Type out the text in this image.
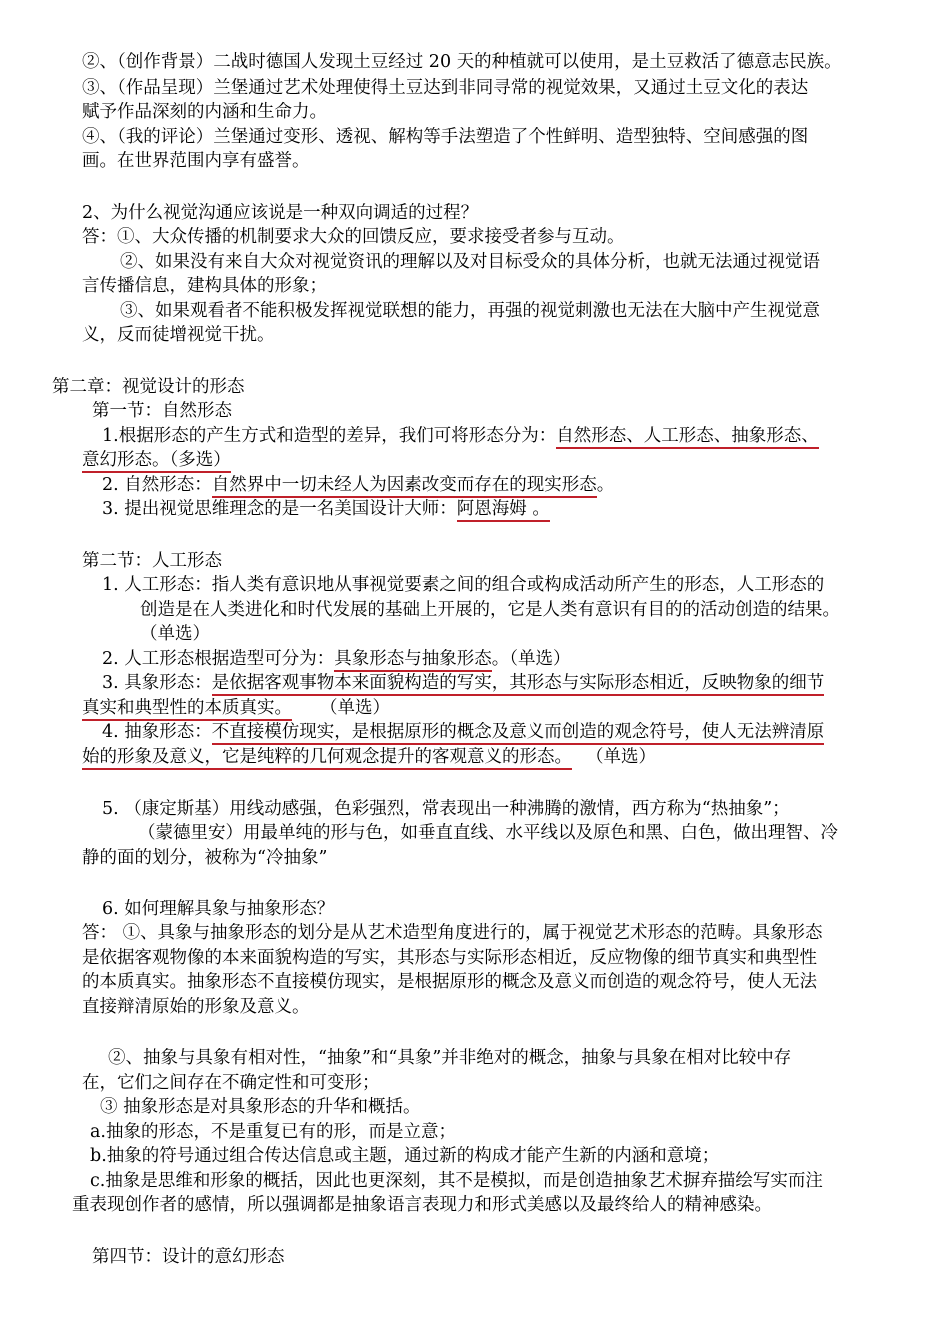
②、（创作背景）二战时德国人发现土豆经过 20 天的种植就可以使用，是土豆救活了德意志民族。
③、（作品呈现）兰堡通过艺术处理使得土豆达到非同寻常的视觉效果，又通过土豆文化的表达
赋予作品深刻的内涵和生命力。
④、（我的评论）兰堡通过变形、透视、解构等手法塑造了个性鲜明、造型独特、空间感强的图
画。在世界范围内享有盛誉。
2、为什么视觉沟通应该说是一种双向调适的过程？
答：①、大众传播的机制要求大众的回馈反应，要求接受者参与互动。
②、如果没有来自大众对视觉资讯的理解以及对目标受众的具体分析，也就无法通过视觉语
言传播信息，建构具体的形象；
③、如果观看者不能积极发挥视觉联想的能力，再强的视觉刺激也无法在大脑中产生视觉意
义，反而徒增视觉干扰。
第二章：视觉设计的形态
第一节：自然形态
1.根据形态的产生方式和造型的差异，我们可将形态分为：自然形态、人工形态、抽象形态、
意幻形态。（多选）
2. 自然形态：自然界中一切未经人为因素改变而存在的现实形态。
3. 提出视觉思维理念的是一名美国设计大师：阿恩海姆 。
第二节：人工形态
1. 人工形态：指人类有意识地从事视觉要素之间的组合或构成活动所产生的形态，人工形态的
创造是在人类进化和时代发展的基础上开展的，它是人类有意识有目的的活动创造的结果。
（单选）
2. 人工形态根据造型可分为：具象形态与抽象形态。（单选）
3. 具象形态：是依据客观事物本来面貌构造的写实，其形态与实际形态相近，反映物象的细节
真实和典型性的本质真实。 （单选）
4. 抽象形态：不直接模仿现实，是根据原形的概念及意义而创造的观念符号，使人无法辨清原
始的形象及意义，它是纯粹的几何观念提升的客观意义的形态。 （单选）
5. （康定斯基）用线动感强，色彩强烈，常表现出一种沸腾的激情，西方称为“热抽象”；
（蒙德里安）用最单纯的形与色，如垂直直线、水平线以及原色和黑、白色，做出理智、冷
静的面的划分，被称为“冷抽象”
6. 如何理解具象与抽象形态？
答： ①、具象与抽象形态的划分是从艺术造型角度进行的，属于视觉艺术形态的范畴。具象形态
是依据客观物像的本来面貌构造的写实，其形态与实际形态相近，反应物像的细节真实和典型性
的本质真实。抽象形态不直接模仿现实，是根据原形的概念及意义而创造的观念符号，使人无法
直接辩清原始的形象及意义。
②、抽象与具象有相对性，“抽象”和“具象”并非绝对的概念，抽象与具象在相对比较中存
在，它们之间存在不确定性和可变形；
③ 抽象形态是对具象形态的升华和概括。
a.抽象的形态，不是重复已有的形，而是立意；
b.抽象的符号通过组合传达信息或主题，通过新的构成才能产生新的内涵和意境；
c.抽象是思维和形象的概括，因此也更深刻，其不是模拟，而是创造抽象艺术摒弃描绘写实而注
重表现创作者的感情，所以强调都是抽象语言表现力和形式美感以及最终给人的精神感染。
第四节：设计的意幻形态
